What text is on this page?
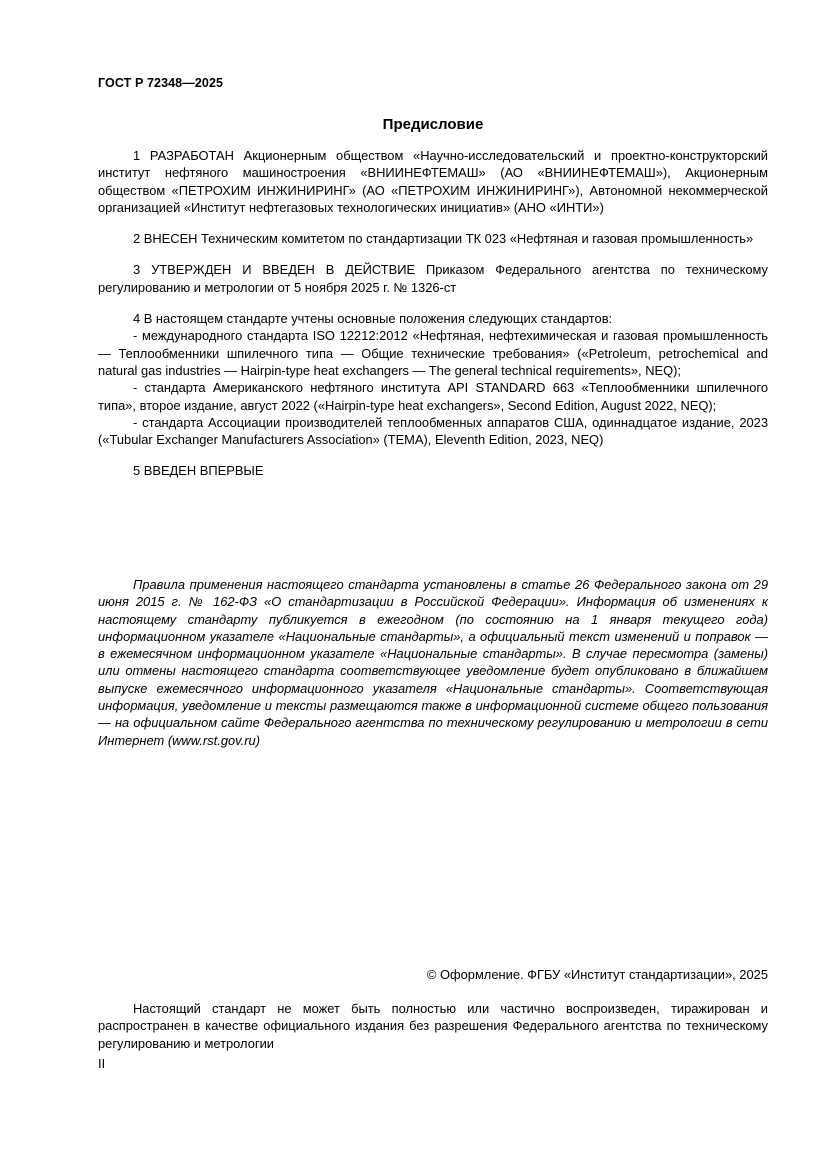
ГОСТ Р 72348—2025
Предисловие

1 РАЗРАБОТАН Акционерным обществом «Научно-исследовательский и проектно-конструкторский институт нефтяного машиностроения «ВНИИНЕФТЕМАШ» (АО «ВНИИНЕФТЕМАШ»), Акционерным обществом «ПЕТРОХИМ ИНЖИНИРИНГ» (АО «ПЕТРОХИМ ИНЖИНИРИНГ»), Автономной некоммерческой организацией «Институт нефтегазовых технологических инициатив» (АНО «ИНТИ»)

2 ВНЕСЕН Техническим комитетом по стандартизации ТК 023 «Нефтяная и газовая промышленность»

3 УТВЕРЖДЕН И ВВЕДЕН В ДЕЙСТВИЕ Приказом Федерального агентства по техническому регулированию и метрологии от 5 ноября 2025 г. № 1326-ст

4 В настоящем стандарте учтены основные положения следующих стандартов:

- международного стандарта ISO 12212:2012 «Нефтяная, нефтехимическая и газовая промышленность — Теплообменники шпилечного типа — Общие технические требования» («Petroleum, petrochemical and natural gas industries — Hairpin-type heat exchangers — The general technical requirements», NEQ);

- стандарта Американского нефтяного института API STANDARD 663 «Теплообменники шпилечного типа», второе издание, август 2022 («Hairpin-type heat exchangers», Second Edition, August 2022, NEQ);

- стандарта Ассоциации производителей теплообменных аппаратов США, одиннадцатое издание, 2023 («Tubular Exchanger Manufacturers Association» (TEMA), Eleventh Edition, 2023, NEQ)

5 ВВЕДЕН ВПЕРВЫЕ

Правила применения настоящего стандарта установлены в статье 26 Федерального закона от 29 июня 2015 г. № 162-ФЗ «О стандартизации в Российской Федерации». Информация об изменениях к настоящему стандарту публикуется в ежегодном (по состоянию на 1 января текущего года) информационном указателе «Национальные стандарты», а официальный текст изменений и поправок — в ежемесячном информационном указателе «Национальные стандарты». В случае пересмотра (замены) или отмены настоящего стандарта соответствующее уведомление будет опубликовано в ближайшем выпуске ежемесячного информационного указателя «Национальные стандарты». Соответствующая информация, уведомление и тексты размещаются также в информационной системе общего пользования — на официальном сайте Федерального агентства по техническому регулированию и метрологии в сети Интернет (www.rst.gov.ru)
© Оформление. ФГБУ «Институт стандартизации», 2025
Настоящий стандарт не может быть полностью или частично воспроизведен, тиражирован и распространен в качестве официального издания без разрешения Федерального агентства по техническому регулированию и метрологии
II
